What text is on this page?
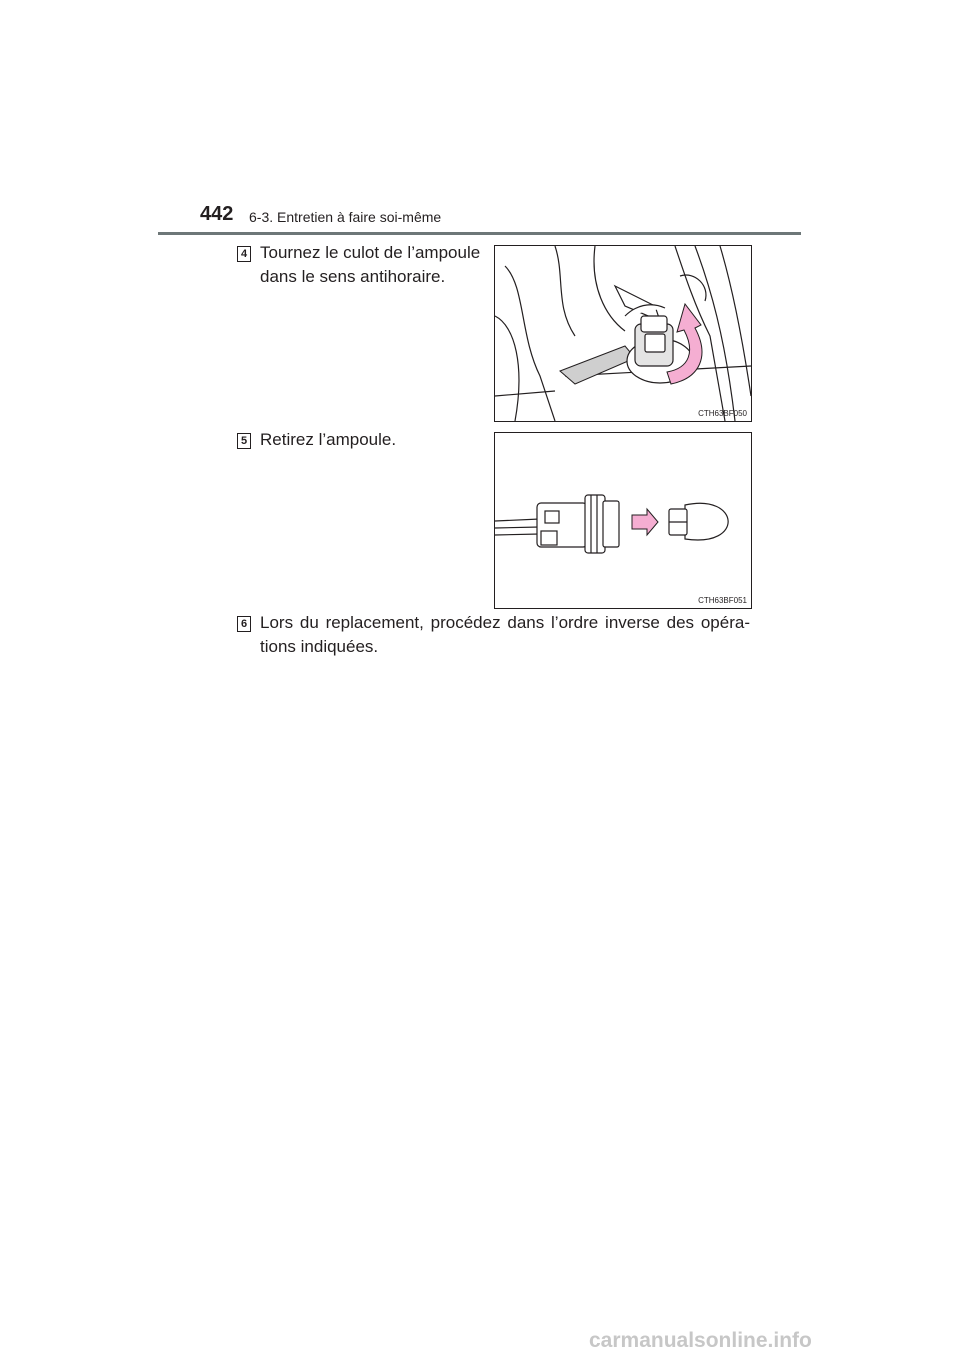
442 6-3. Entretien à faire soi-même
4 Tournez le culot de l’ampoule dans le sens antihoraire.
CTH63BF050
5 Retirez l’ampoule.
CTH63BF051
6 Lors du replacement, procédez dans l’ordre inverse des opéra- tions indiquées.
carmanualsonline.info
